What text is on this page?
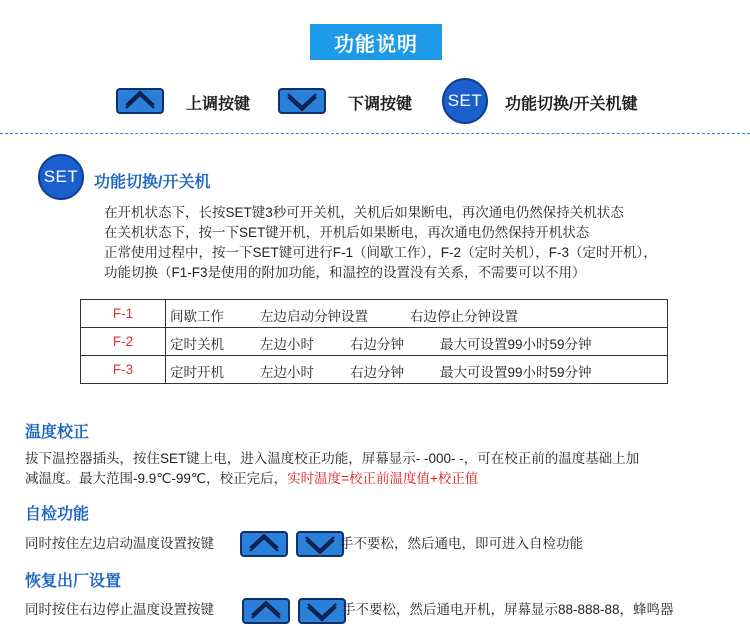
功能说明
上调按键	下调按键	SET	功能切换/开关机键
SET 功能切换/开关机

在开机状态下，长按SET键3秒可开关机，关机后如果断电，再次通电仍然保持关机状态

在关机状态下，按一下SET键开机，开机后如果断电，再次通电仍然保持开机状态

正常使用过程中，按一下SET键可进行F-1（间歇工作），F-2（定时关机），F-3（定时开机），

功能切换（F1-F3是使用的附加功能，和温控的设置没有关系，不需要可以不用）

F-1	间歇工作 左边启动分钟设置 右边停止分钟设置

F-2	定时关机 左边小时 右边分钟 最大可设置99小时59分钟

F-3	定时开机 左边小时 右边分钟 最大可设置99小时59分钟
温度校正

拔下温控器插头，按住SET键上电，进入温度校正功能，屏幕显示- -000- -，可在校正前的温度基础上加

减温度。最大范围-9.9℃-99℃，校正完后，实时温度=校正前温度值+校正值

自检功能
同时按住左边启动温度设置按键	手不要松，然后通电，即可进入自检功能
恢复出厂设置
同时按住右边停止温度设置按键	手不要松，然后通电开机，屏幕显示88-888-88，蜂鸣器
